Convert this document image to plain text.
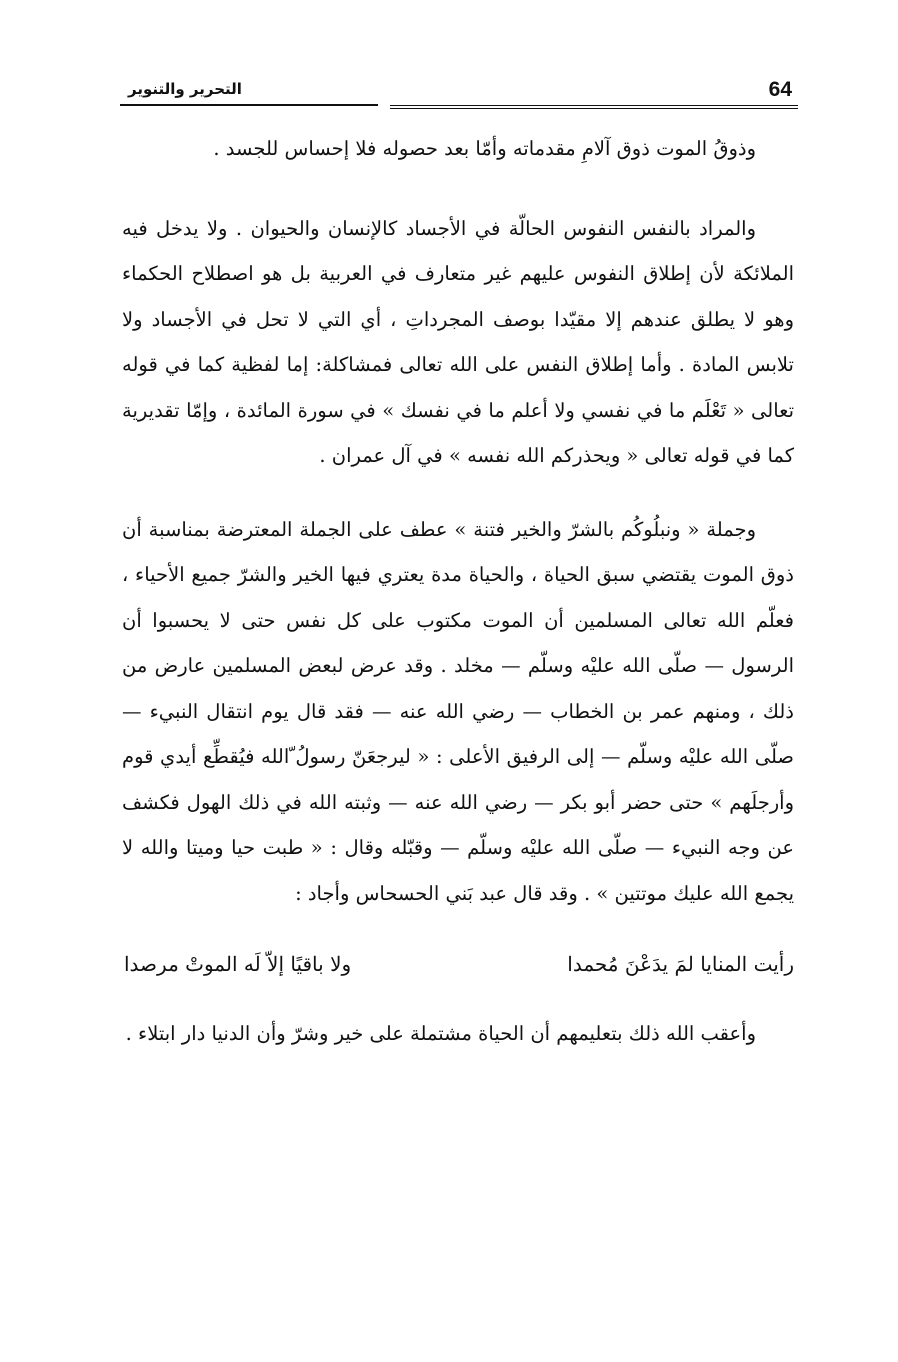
64
التحرير والتنوير

وذوقُ الموت ذوق آلامِ مقدماته وأمّا بعد حصوله فلا إحساس للجسد .

والمراد بالنفس النفوس الحالّة في الأجساد كالإنسان والحيوان . ولا يدخل فيه الملائكة لأن إطلاق النفوس عليهم غير متعارف في العربية بل هو اصطلاح الحكماء وهو لا يطلق عندهم إلا مقيّدا بوصف المجرداتِ ، أي التي لا تحل في الأجساد ولا تلابس المادة . وأما إطلاق النفس على الله تعالى فمشاكلة: إما لفظية كما في قوله تعالى « تَعْلَم ما في نفسي ولا أعلم ما في نفسك » في سورة المائدة ، وإمّا تقديرية كما في قوله تعالى « ويحذركم الله نفسه » في آل عمران .

وجملة « ونبلُوكُم بالشرّ والخير فتنة » عطف على الجملة المعترضة بمناسبة أن ذوق الموت يقتضي سبق الحياة ، والحياة مدة يعتري فيها الخير والشرّ جميع الأحياء ، فعلّم الله تعالى المسلمين أن الموت مكتوب على كل نفس حتى لا يحسبوا أن الرسول — صلّى الله عليْه وسلّم — مخلد . وقد عرض لبعض المسلمين عارض من ذلك ، ومنهم عمر بن الخطاب — رضي الله عنه — فقد قال يوم انتقال النبيء — صلّى الله عليْه وسلّم — إلى الرفيق الأعلى : « ليرجعَنّ رسولُ ّالله فيُقطِّع أيدي قوم وأرجلَهم » حتى حضر أبو بكر — رضي الله عنه — وثبته الله في ذلك الهول فكشف عن وجه النبيء — صلّى الله عليْه وسلّم — وقبّله وقال : « طبت حيا وميتا والله لا يجمع الله عليك موتتين » . وقد قال عبد بَني الحسحاس وأجاد :

رأيت المنايا لمَ يدَعْنَ مُحمدا
ولا باقيًا إلاّ لَه الموتْ مرصدا

وأعقب الله ذلك بتعليمهم أن الحياة مشتملة على خير وشرّ وأن الدنيا دار ابتلاء .
